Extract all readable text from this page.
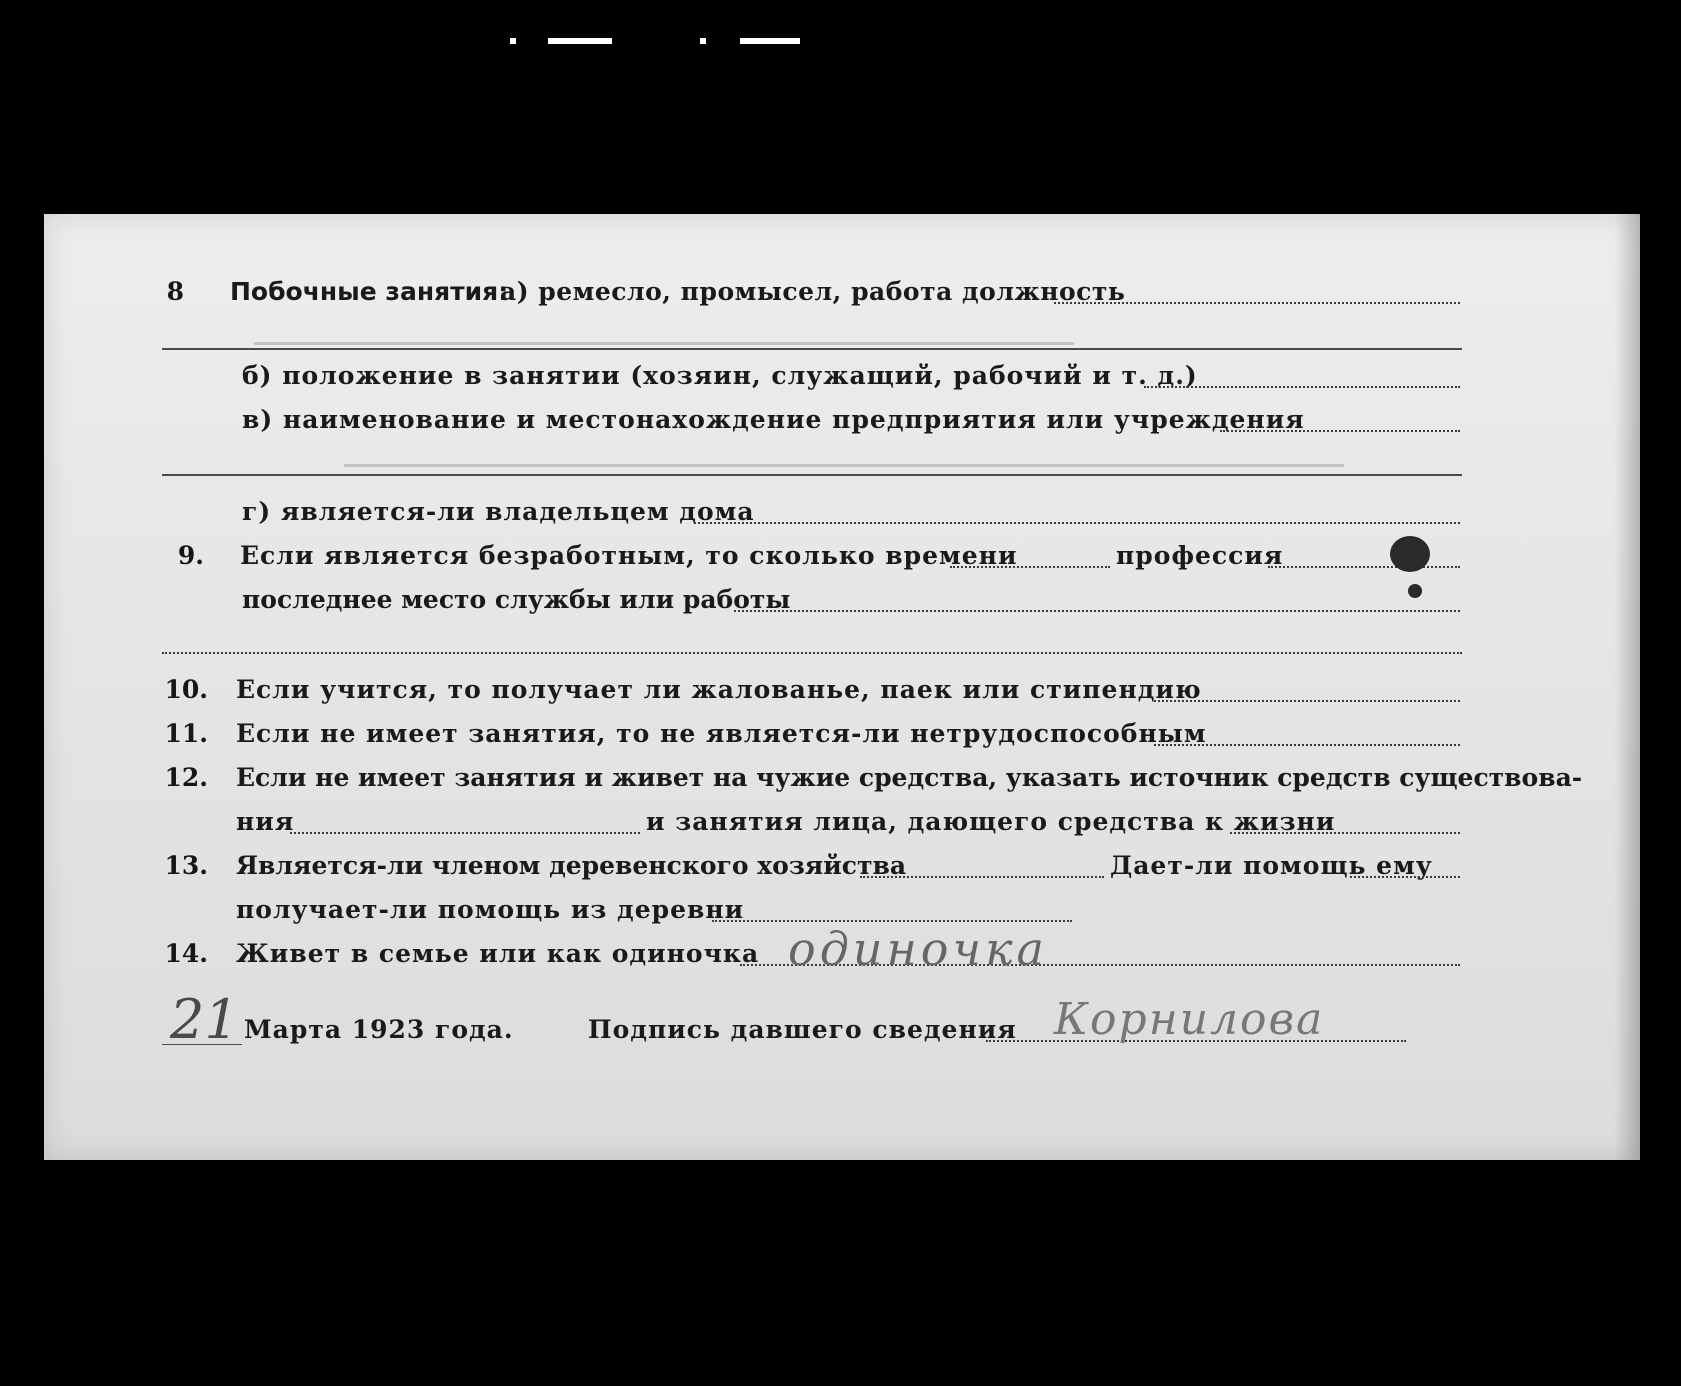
8 Побочные занятия:
а) ремесло, промысел, работа должность
б) положение в занятии (хозяин, служащий, рабочий и т. д.)
в) наименование и местонахождение предприятия или учреждения
г) является-ли владельцем дома
9. Если является безработным, то сколько времени	профессия
последнее место службы или работы
10. Если учится, то получает ли жалованье, паек или стипендию
11. Если не имеет занятия, то не является-ли нетрудоспособным
12. Если не имеет занятия и живет на чужие средства, указать источник средств существова-
ния	и занятия лица, дающего средства к жизни
13. Является-ли членом деревенского хозяйства	Дает-ли помощь ему
получает-ли помощь из деревни
14. Живет в семье или как одиночка одиночка
21 Марта 1923 года.	Подпись давшего сведения Корниловa
